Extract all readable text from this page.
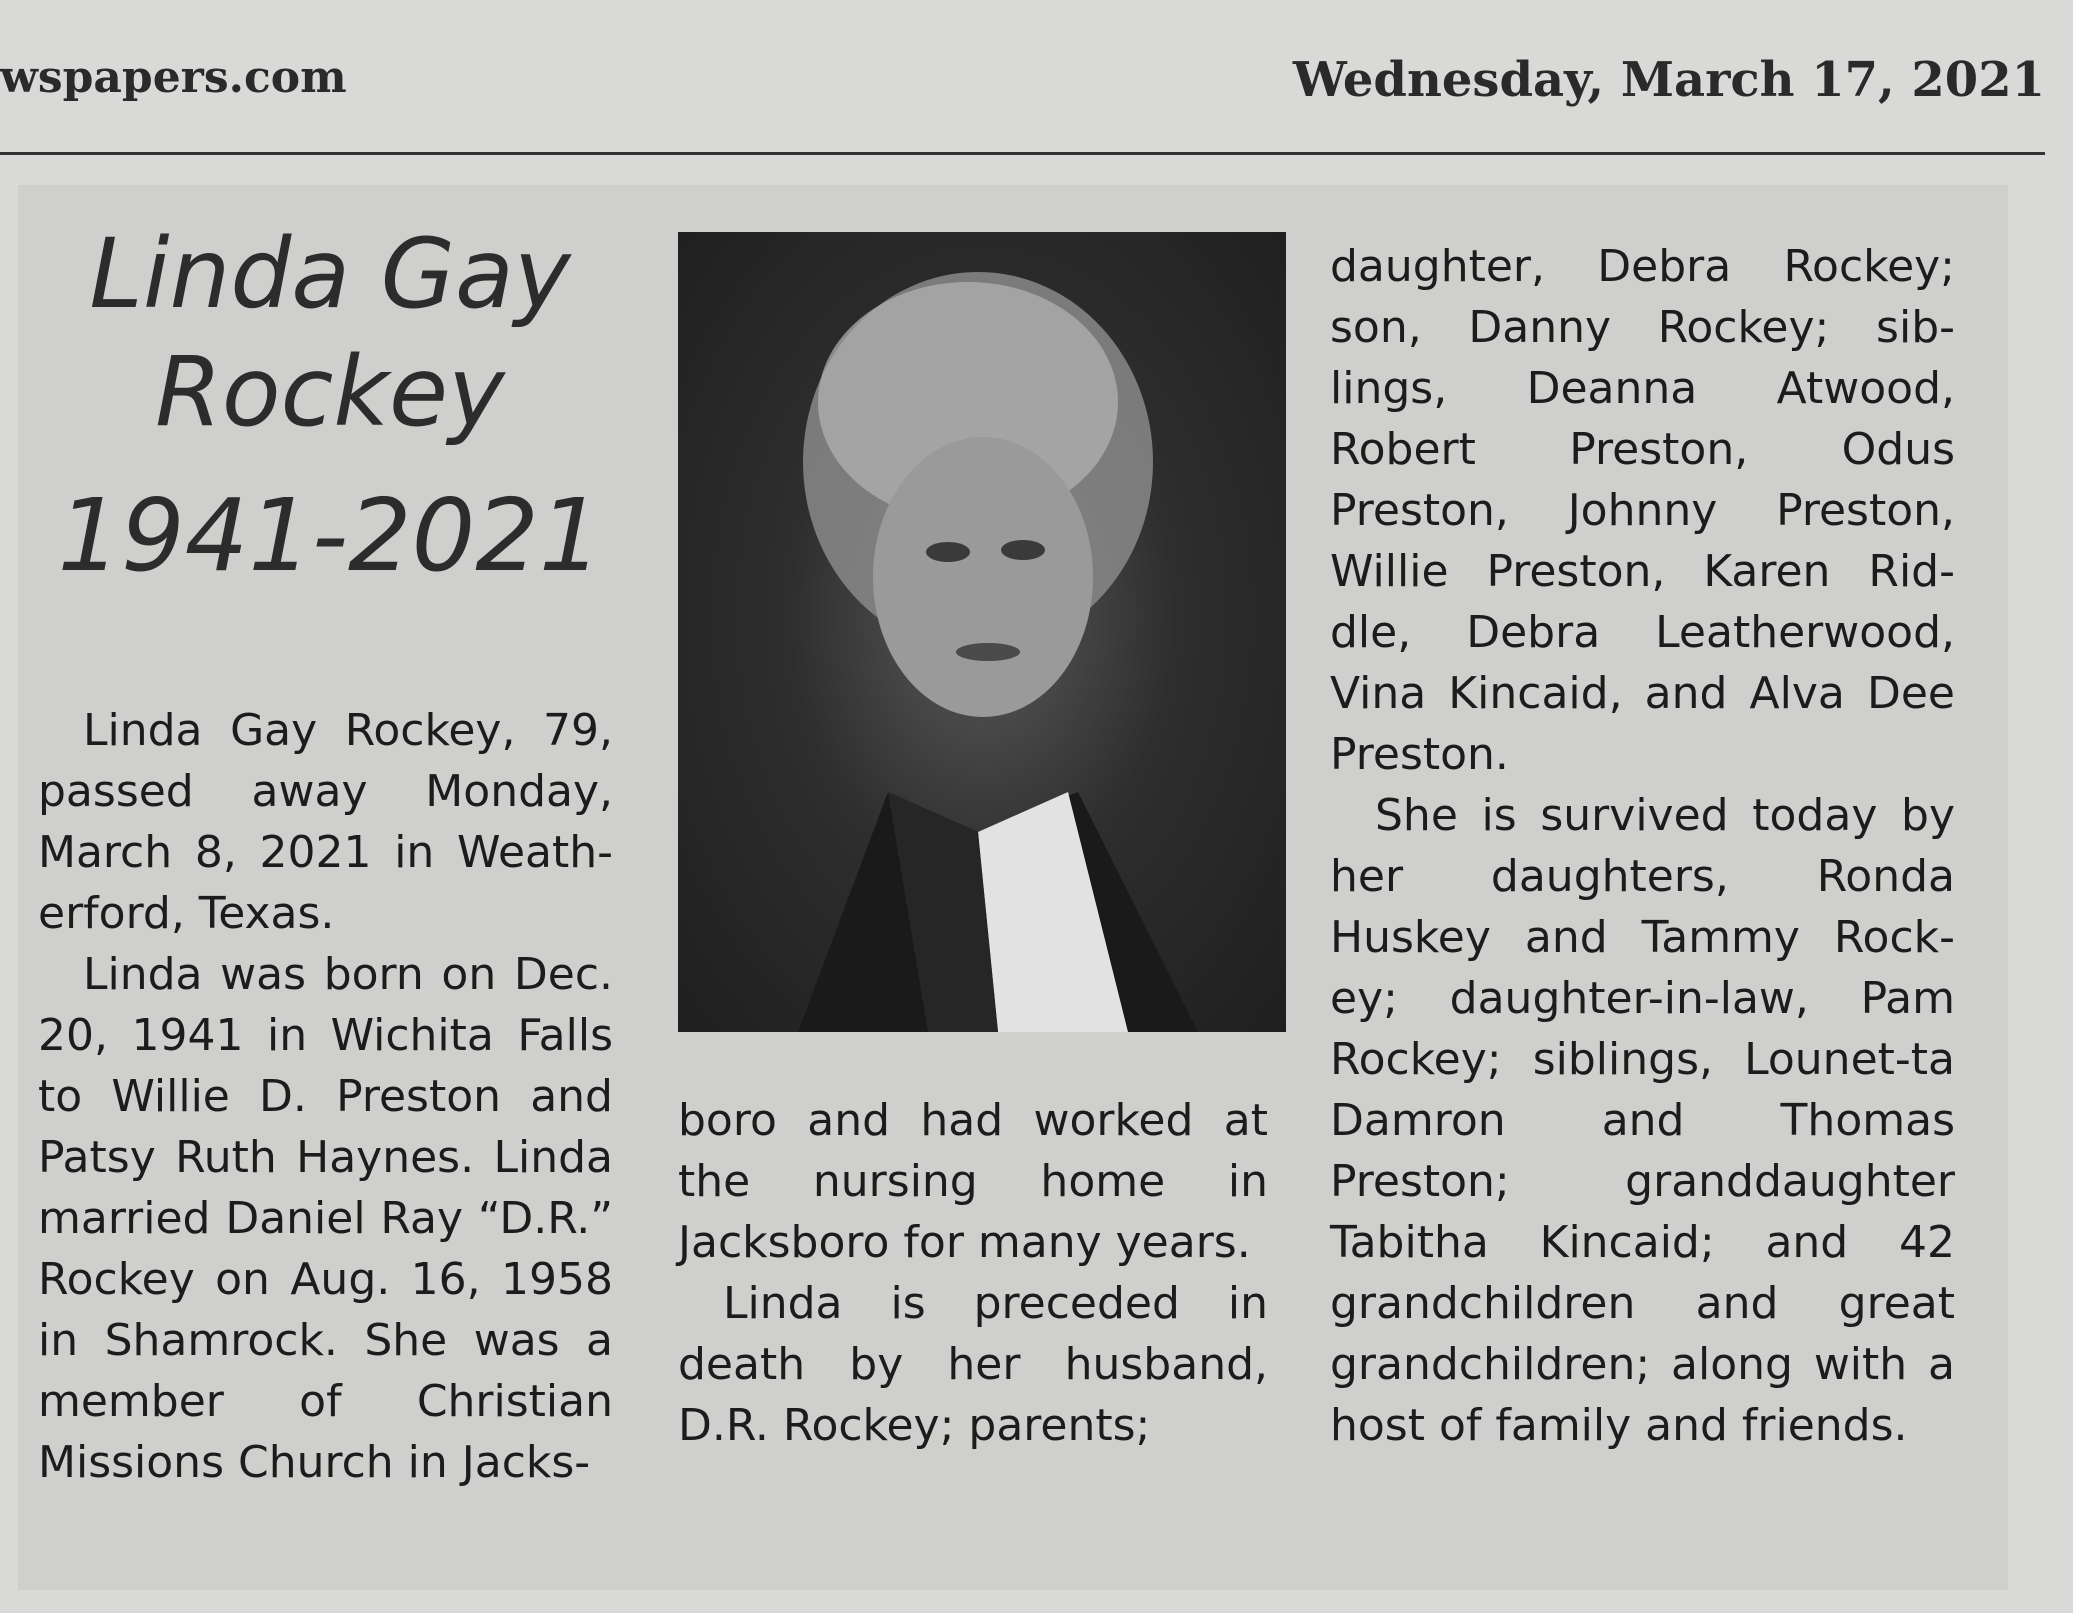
wspapers.com	Wednesday, March 17, 2021
Linda Gay
Rockey
1941-2021

Linda Gay Rockey, 79, passed away Monday, March 8, 2021 in Weath-erford, Texas.

Linda was born on Dec. 20, 1941 in Wichita Falls to Willie D. Preston and Patsy Ruth Haynes. Linda married Daniel Ray “D.R.” Rockey on Aug. 16, 1958 in Shamrock. She was a member of Christian Missions Church in Jacks-

boro and had worked at the nursing home in Jacksboro for many years.

Linda is preceded in death by her husband, D.R. Rockey; parents;

daughter, Debra Rockey; son, Danny Rockey; sib-lings, Deanna Atwood, Robert Preston, Odus Preston, Johnny Preston, Willie Preston, Karen Rid-dle, Debra Leatherwood, Vina Kincaid, and Alva Dee Preston.

She is survived today by her daughters, Ronda Huskey and Tammy Rock-ey; daughter-in-law, Pam Rockey; siblings, Lounet-ta Damron and Thomas Preston; granddaughter Tabitha Kincaid; and 42 grandchildren and great grandchildren; along with a host of family and friends.
